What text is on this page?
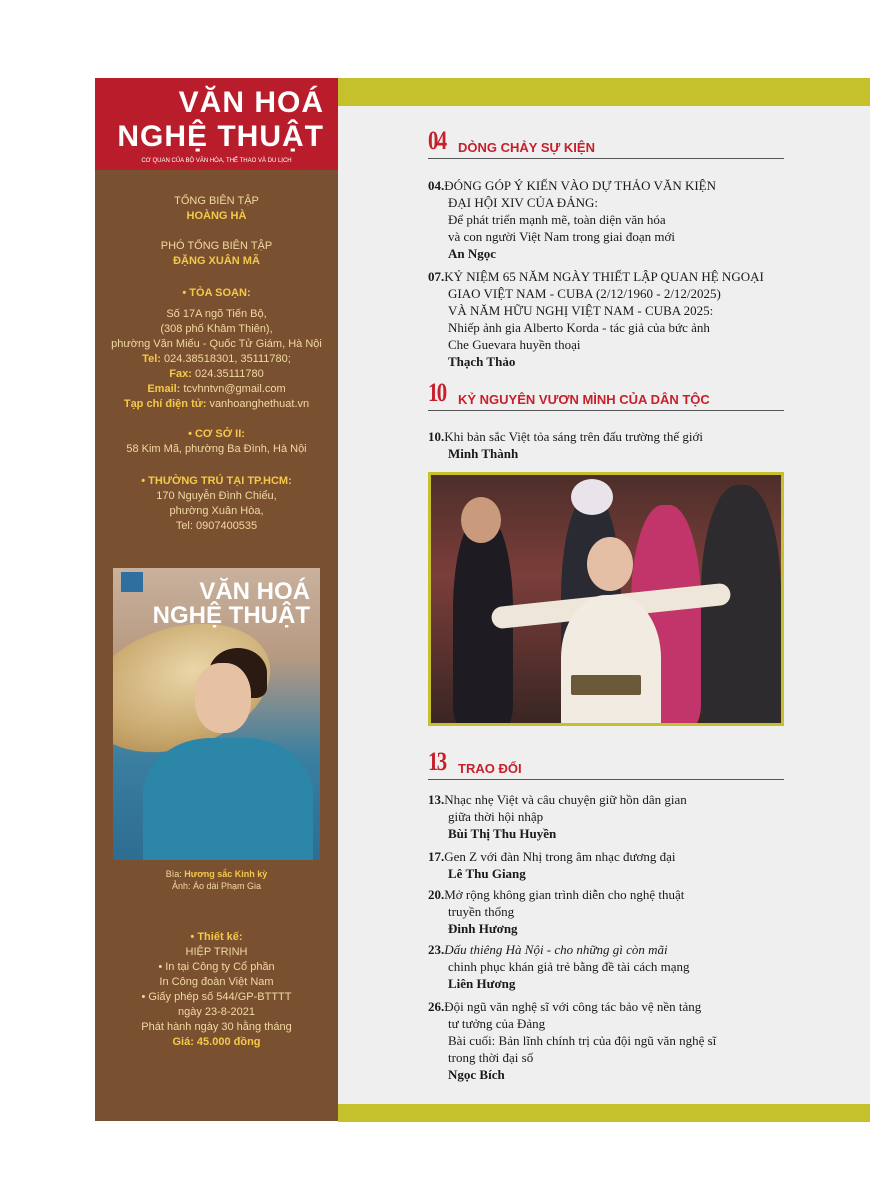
VĂN HOÁ
NGHỆ THUẬT
CƠ QUAN CỦA BỘ VĂN HÓA, THỂ THAO VÀ DU LỊCH
TỔNG BIÊN TẬP
HOÀNG HÀ
PHÓ TỔNG BIÊN TẬP
ĐẶNG XUÂN MÃ
• TÒA SOẠN:
Số 17A ngõ Tiến Bộ,
(308 phố Khâm Thiên),
phường Văn Miếu - Quốc Tử Giám, Hà Nội
Tel: 024.38518301, 35111780;
Fax: 024.35111780
Email: tcvhntvn@gmail.com
Tạp chí điện tử: vanhoanghethuat.vn
• CƠ SỞ II:
58 Kim Mã, phường Ba Đình, Hà Nội
• THƯỜNG TRÚ TẠI TP.HCM:
170 Nguyễn Đình Chiểu,
phường Xuân Hòa,
Tel: 0907400535
VĂN HOÁ
NGHỆ THUẬT
Bìa: Hương sắc Kinh kỳ
Ảnh: Áo dài Phạm Gia
• Thiết kế:
HIỆP TRỊNH
• In tại Công ty Cổ phần
In Công đoàn Việt Nam
• Giấy phép số 544/GP-BTTTT
ngày 23-8-2021
Phát hành ngày 30 hằng tháng
Giá: 45.000 đồng
04 DÒNG CHẢY SỰ KIỆN
04.ĐÓNG GÓP Ý KIẾN VÀO DỰ THẢO VĂN KIỆN
ĐẠI HỘI XIV CỦA ĐẢNG:
Để phát triển mạnh mẽ, toàn diện văn hóa
và con người Việt Nam trong giai đoạn mới
An Ngọc
07.KỶ NIỆM 65 NĂM NGÀY THIẾT LẬP QUAN HỆ NGOẠI
GIAO VIỆT NAM - CUBA (2/12/1960 - 2/12/2025)
VÀ NĂM HỮU NGHỊ VIỆT NAM - CUBA 2025:
Nhiếp ảnh gia Alberto Korda - tác giả của bức ảnh
Che Guevara huyền thoại
Thạch Thảo
10 KỶ NGUYÊN VƯƠN MÌNH CỦA DÂN TỘC
10.Khi bản sắc Việt tỏa sáng trên đấu trường thế giới
Minh Thành
13 TRAO ĐỔI
13.Nhạc nhẹ Việt và câu chuyện giữ hồn dân gian
giữa thời hội nhập
Bùi Thị Thu Huyền
17.Gen Z với đàn Nhị trong âm nhạc đương đại
Lê Thu Giang
20.Mở rộng không gian trình diễn cho nghệ thuật
truyền thống
Đinh Hương
23.Dấu thiêng Hà Nội - cho những gì còn mãi
chinh phục khán giả trẻ bằng đề tài cách mạng
Liên Hương
26.Đội ngũ văn nghệ sĩ với công tác bảo vệ nền tảng
tư tưởng của Đảng
Bài cuối: Bản lĩnh chính trị của đội ngũ văn nghệ sĩ
trong thời đại số
Ngọc Bích
